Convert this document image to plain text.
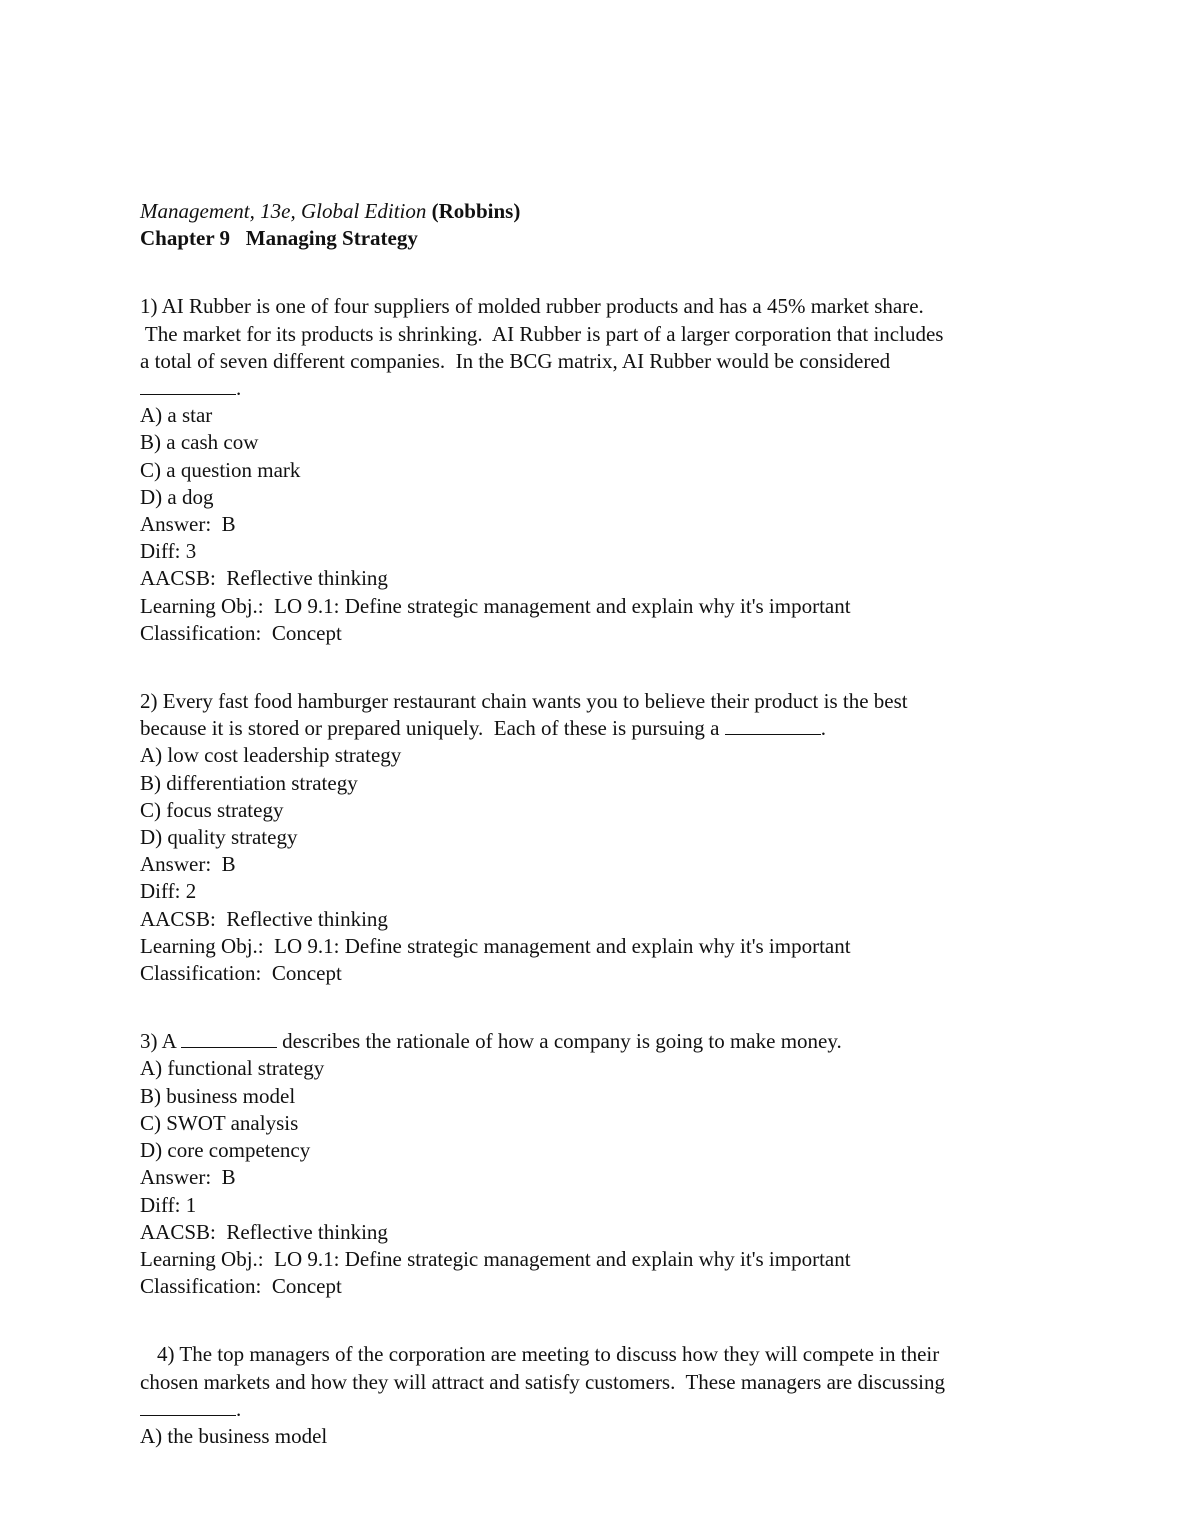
Management, 13e, Global Edition (Robbins)
Chapter 9   Managing Strategy
1) AI Rubber is one of four suppliers of molded rubber products and has a 45% market share.
The market for its products is shrinking.  AI Rubber is part of a larger corporation that includes
a total of seven different companies.  In the BCG matrix, AI Rubber would be considered
.
A) a star
B) a cash cow
C) a question mark
D) a dog
Answer:  B
Diff: 3
AACSB:  Reflective thinking
Learning Obj.:  LO 9.1: Define strategic management and explain why it's important
Classification:  Concept
2) Every fast food hamburger restaurant chain wants you to believe their product is the best
because it is stored or prepared uniquely.  Each of these is pursuing a	.
A) low cost leadership strategy
B) differentiation strategy
C) focus strategy
D) quality strategy
Answer:  B
Diff: 2
AACSB:  Reflective thinking
Learning Obj.:  LO 9.1: Define strategic management and explain why it's important
Classification:  Concept
3) A	describes the rationale of how a company is going to make money.
A) functional strategy
B) business model
C) SWOT analysis
D) core competency
Answer:  B
Diff: 1
AACSB:  Reflective thinking
Learning Obj.:  LO 9.1: Define strategic management and explain why it's important
Classification:  Concept
4) The top managers of the corporation are meeting to discuss how they will compete in their
chosen markets and how they will attract and satisfy customers.  These managers are discussing
.
A) the business model
